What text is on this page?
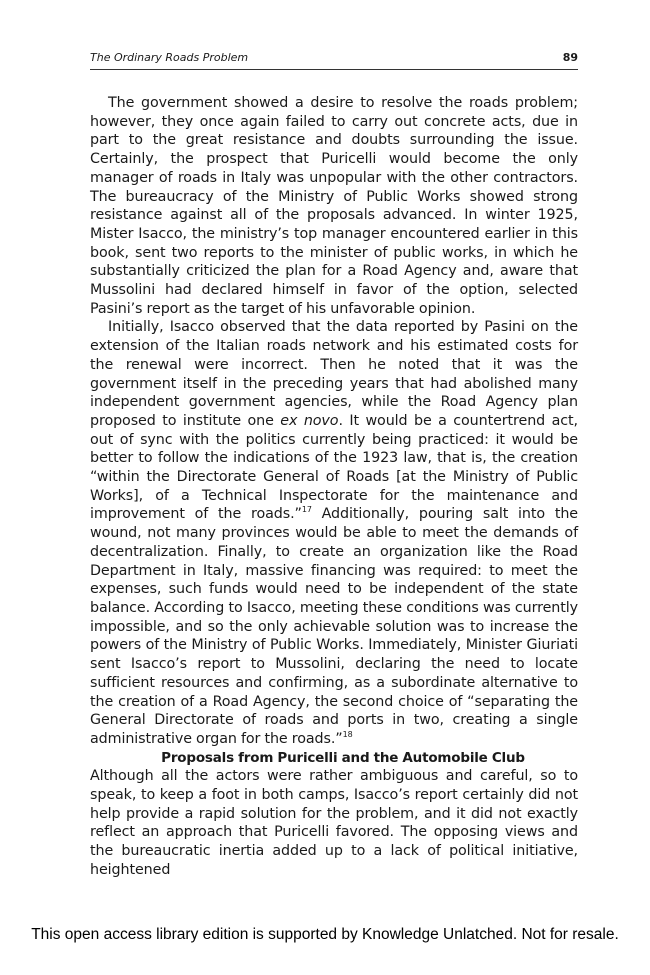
The Ordinary Roads Problem	89

The government showed a desire to resolve the roads problem; however, they once again failed to carry out concrete acts, due in part to the great resistance and doubts surrounding the issue. Certainly, the prospect that Puricelli would become the only manager of roads in Italy was unpopular with the other contractors. The bureaucracy of the Ministry of Public Works showed strong resistance against all of the proposals advanced. In winter 1925, Mister Isacco, the ministry’s top manager encountered earlier in this book, sent two reports to the minister of public works, in which he substantially criticized the plan for a Road Agency and, aware that Mussolini had declared himself in favor of the option, selected Pasini’s report as the target of his unfavorable opinion.

Initially, Isacco observed that the data reported by Pasini on the extension of the Italian roads network and his estimated costs for the renewal were incorrect. Then he noted that it was the government itself in the preceding years that had abolished many independent government agencies, while the Road Agency plan proposed to institute one ex novo. It would be a countertrend act, out of sync with the politics currently being practiced: it would be better to follow the indications of the 1923 law, that is, the creation “within the Directorate General of Roads [at the Ministry of Public Works], of a Technical Inspectorate for the maintenance and improvement of the roads.”$^{17}$ Additionally, pouring salt into the wound, not many provinces would be able to meet the demands of decentralization. Finally, to create an organization like the Road Department in Italy, massive financing was required: to meet the expenses, such funds would need to be independent of the state balance. According to Isacco, meeting these conditions was currently impossible, and so the only achievable solution was to increase the powers of the Ministry of Public Works. Immediately, Minister Giuriati sent Isacco’s report to Mussolini, declaring the need to locate sufficient resources and confirming, as a subordinate alternative to the creation of a Road Agency, the second choice of “separating the General Directorate of roads and ports in two, creating a single administrative organ for the roads.”$^{18}$

Proposals from Puricelli and the Automobile Club

Although all the actors were rather ambiguous and careful, so to speak, to keep a foot in both camps, Isacco’s report certainly did not help provide a rapid solution for the problem, and it did not exactly reflect an approach that Puricelli favored. The opposing views and the bureaucratic inertia added up to a lack of political initiative, heightened

This open access library edition is supported by Knowledge Unlatched. Not for resale.
